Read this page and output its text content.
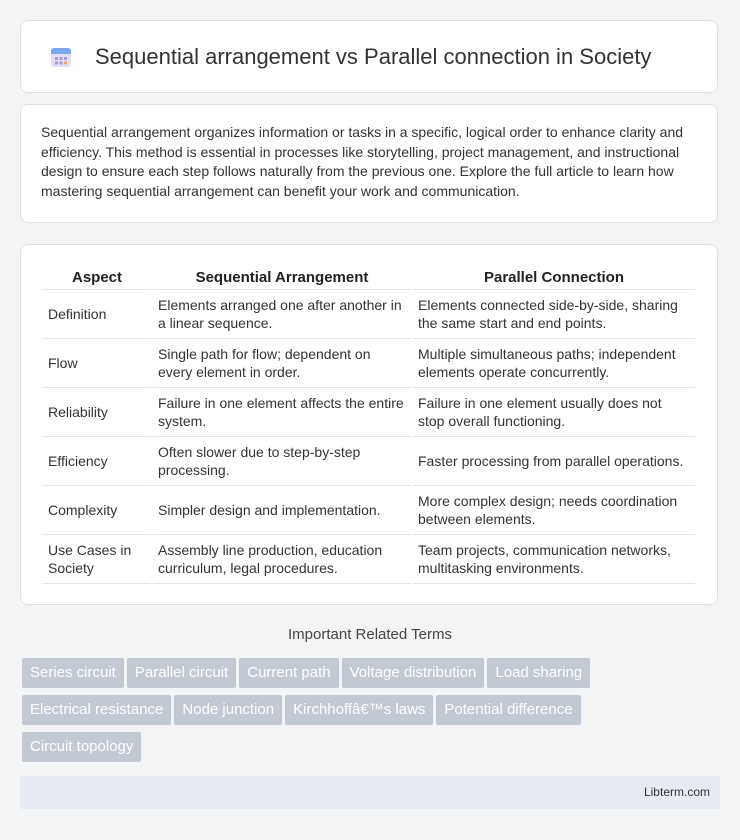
Sequential arrangement vs Parallel connection in Society

Sequential arrangement organizes information or tasks in a specific, logical order to enhance clarity and efficiency. This method is essential in processes like storytelling, project management, and instructional design to ensure each step follows naturally from the previous one. Explore the full article to learn how mastering sequential arrangement can benefit your work and communication.

Aspect	Sequential Arrangement	Parallel Connection
Definition	Elements arranged one after another in a linear sequence.	Elements connected side-by-side, sharing the same start and end points.
Flow	Single path for flow; dependent on every element in order.	Multiple simultaneous paths; independent elements operate concurrently.
Reliability	Failure in one element affects the entire system.	Failure in one element usually does not stop overall functioning.
Efficiency	Often slower due to step-by-step processing.	Faster processing from parallel operations.
Complexity	Simpler design and implementation.	More complex design; needs coordination between elements.
Use Cases in Society	Assembly line production, education curriculum, legal procedures.	Team projects, communication networks, multitasking environments.
Important Related Terms
Series circuit Parallel circuit Current path Voltage distribution Load sharing
Electrical resistance Node junction Kirchhoffâ€™s laws Potential difference
Circuit topology
Libterm.com
